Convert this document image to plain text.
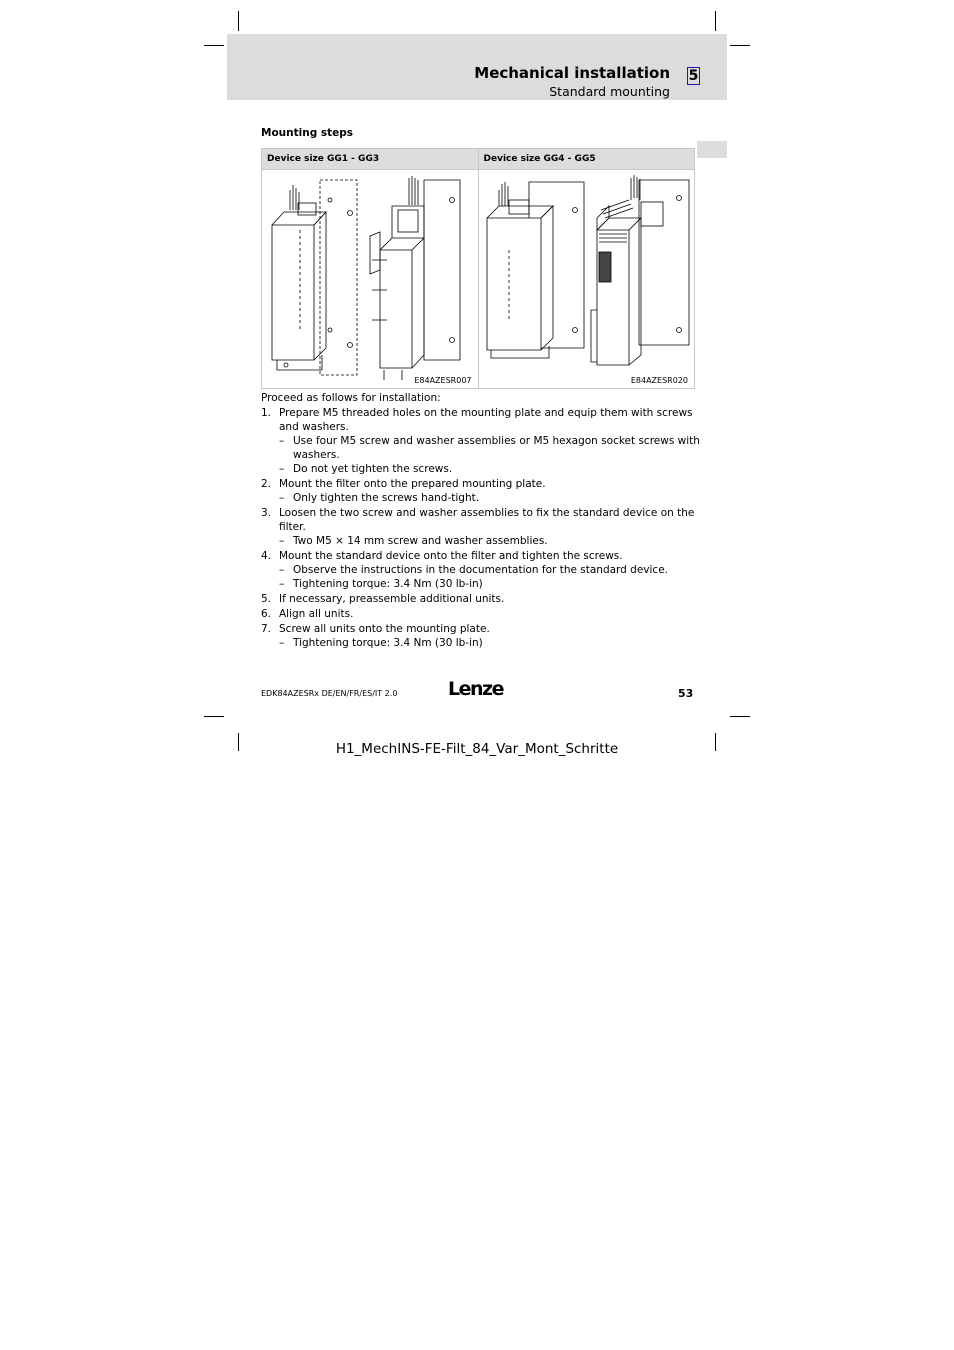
Mechanical installation
Standard mounting
5
Mounting steps
Device size GG1 - GG3	Device size GG4 - GG5

E84AZESR007	E84AZESR020
Proceed as follows for installation:
1. Prepare M5 threaded holes on the mounting plate and equip them with screws and washers.
– Use four M5 screw and washer assemblies or M5 hexagon socket screws with washers.
– Do not yet tighten the screws.
2. Mount the filter onto the prepared mounting plate.
– Only tighten the screws hand-tight.
3. Loosen the two screw and washer assemblies to fix the standard device on the filter.
– Two M5 × 14 mm screw and washer assemblies.
4. Mount the standard device onto the filter and tighten the screws.
– Observe the instructions in the documentation for the standard device.
– Tightening torque: 3.4 Nm (30 lb-in)
5. If necessary, preassemble additional units.
6. Align all units.
7. Screw all units onto the mounting plate.
– Tightening torque: 3.4 Nm (30 lb-in)
EDK84AZESRx DE/EN/FR/ES/IT 2.0	Lenze	53
H1_MechINS-FE-Filt_84_Var_Mont_Schritte
